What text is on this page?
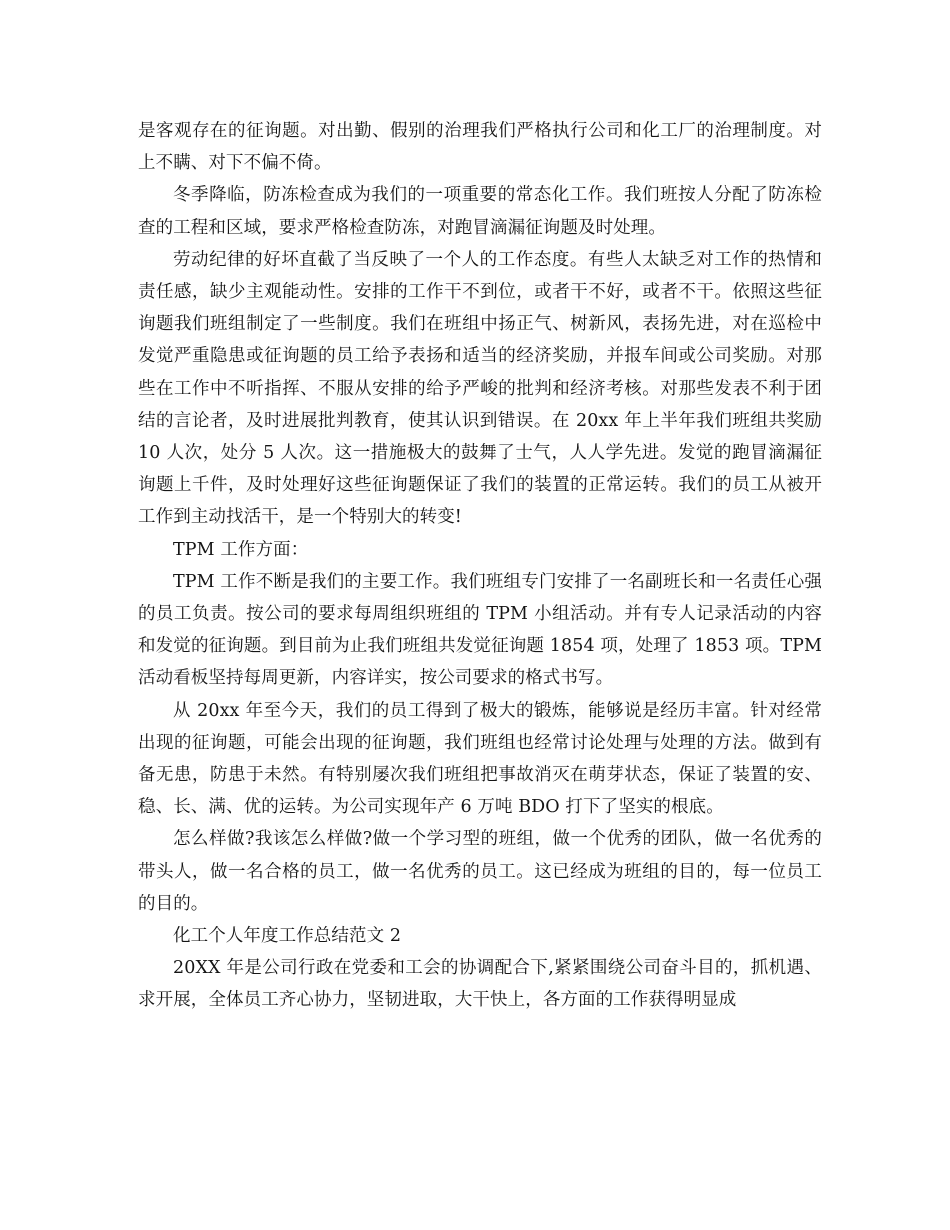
是客观存在的征询题。对出勤、假别的治理我们严格执行公司和化工厂的治理制度。对上不瞒、对下不偏不倚。

冬季降临，防冻检查成为我们的一项重要的常态化工作。我们班按人分配了防冻检查的工程和区域，要求严格检查防冻，对跑冒滴漏征询题及时处理。

劳动纪律的好坏直截了当反映了一个人的工作态度。有些人太缺乏对工作的热情和责任感，缺少主观能动性。安排的工作干不到位，或者干不好，或者不干。依照这些征询题我们班组制定了一些制度。我们在班组中扬正气、树新风，表扬先进，对在巡检中发觉严重隐患或征询题的员工给予表扬和适当的经济奖励，并报车间或公司奖励。对那些在工作中不听指挥、不服从安排的给予严峻的批判和经济考核。对那些发表不利于团结的言论者，及时进展批判教育，使其认识到错误。在 20xx 年上半年我们班组共奖励 10 人次，处分 5 人次。这一措施极大的鼓舞了士气，人人学先进。发觉的跑冒滴漏征询题上千件，及时处理好这些征询题保证了我们的装置的正常运转。我们的员工从被开工作到主动找活干，是一个特别大的转变!

TPM 工作方面：

TPM 工作不断是我们的主要工作。我们班组专门安排了一名副班长和一名责任心强的员工负责。按公司的要求每周组织班组的 TPM 小组活动。并有专人记录活动的内容和发觉的征询题。到目前为止我们班组共发觉征询题 1854 项，处理了 1853 项。TPM 活动看板坚持每周更新，内容详实，按公司要求的格式书写。

从 20xx 年至今天，我们的员工得到了极大的锻炼，能够说是经历丰富。针对经常出现的征询题，可能会出现的征询题，我们班组也经常讨论处理与处理的方法。做到有备无患，防患于未然。有特别屡次我们班组把事故消灭在萌芽状态，保证了装置的安、稳、长、满、优的运转。为公司实现年产 6 万吨 BDO 打下了坚实的根底。

怎么样做?我该怎么样做?做一个学习型的班组，做一个优秀的团队，做一名优秀的带头人，做一名合格的员工，做一名优秀的员工。这已经成为班组的目的，每一位员工的目的。

化工个人年度工作总结范文 2

20XX 年是公司行政在党委和工会的协调配合下,紧紧围绕公司奋斗目的，抓机遇、求开展，全体员工齐心协力，坚韧进取，大干快上，各方面的工作获得明显成
